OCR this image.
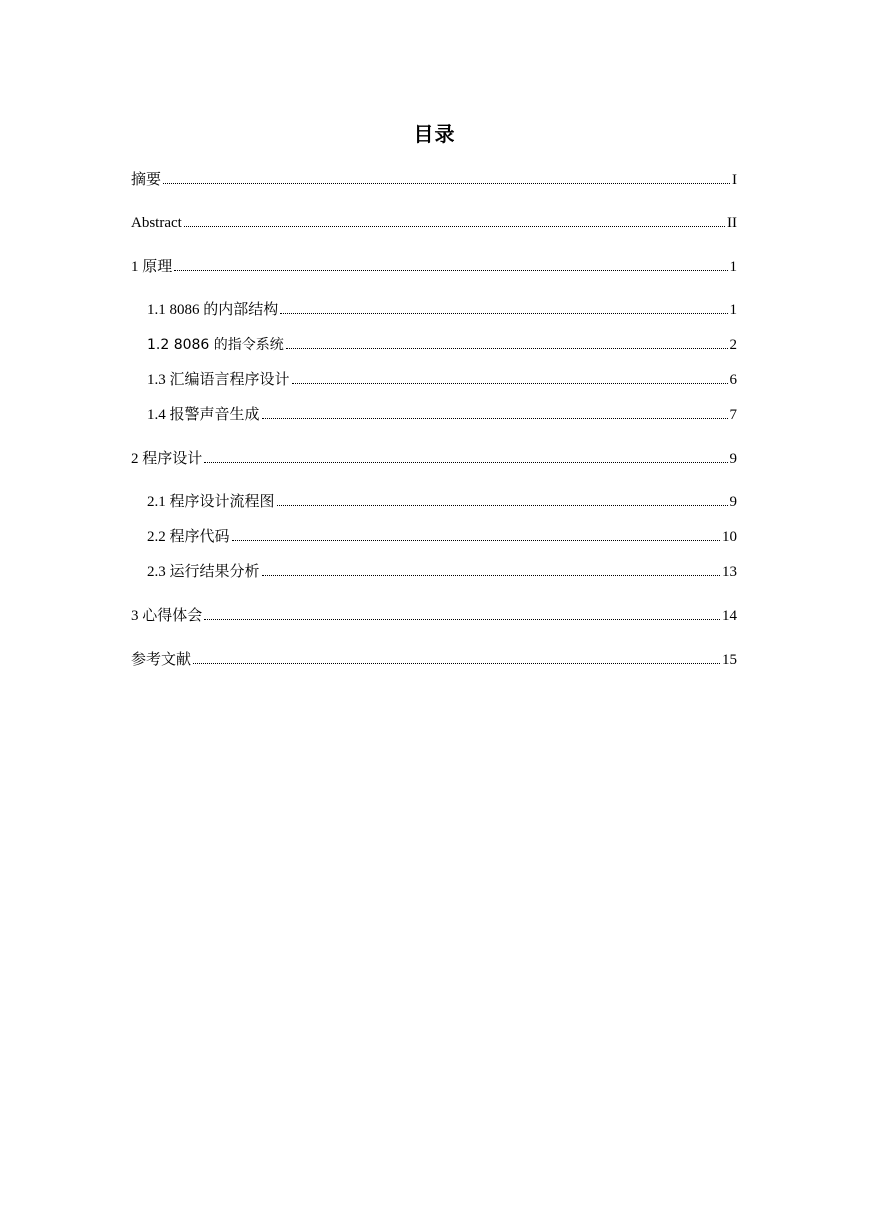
目录
摘要	I
Abstract	II
1 原理	1
1.1 8086 的内部结构	1
1.2 8086 的指令系统	2
1.3 汇编语言程序设计	6
1.4 报警声音生成	7
2 程序设计	9
2.1 程序设计流程图	9
2.2 程序代码	10
2.3 运行结果分析	13
3 心得体会	14
参考文献	15
